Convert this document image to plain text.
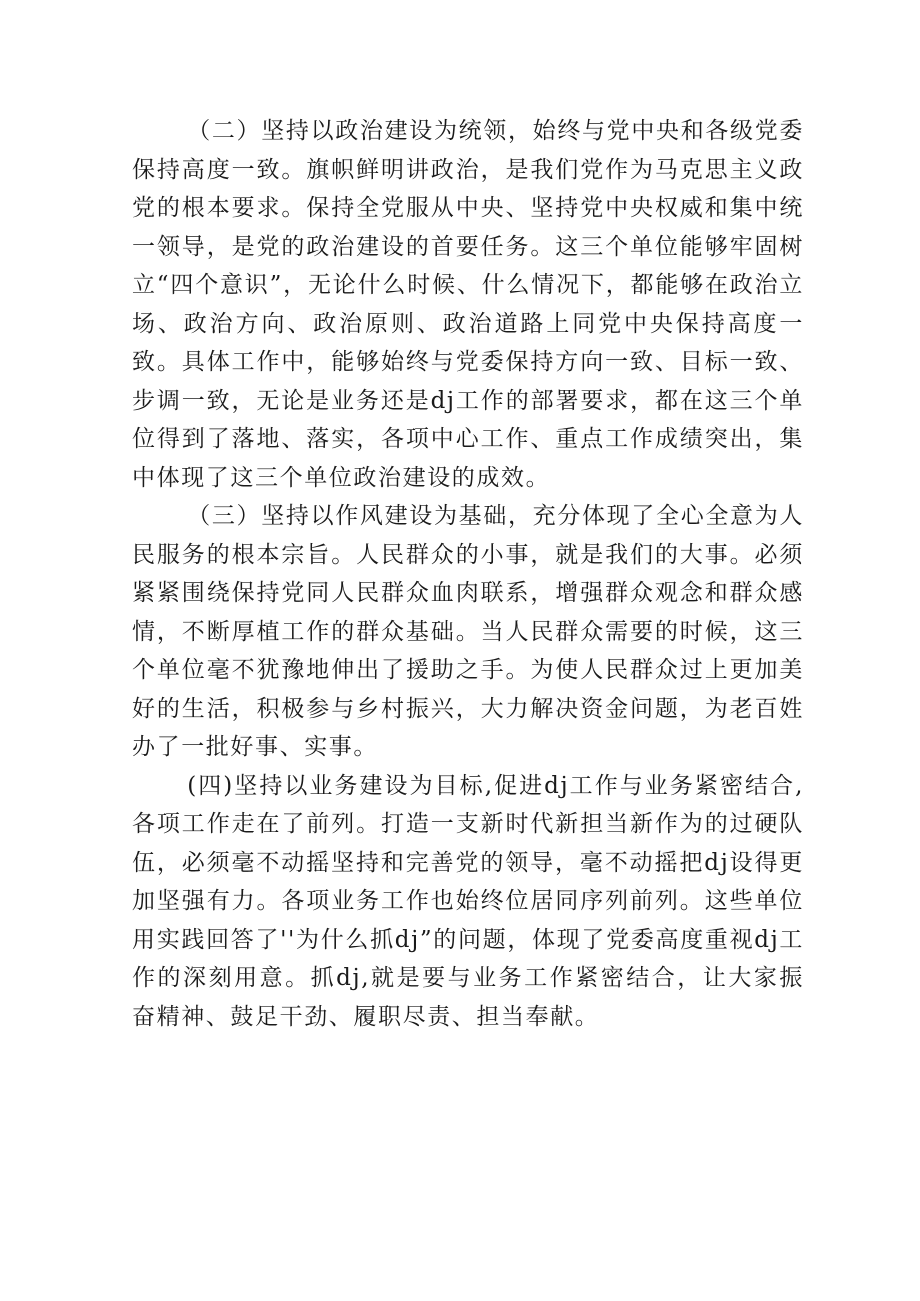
（二）坚持以政治建设为统领，始终与党中央和各级党委保持高度一致。旗帜鲜明讲政治，是我们党作为马克思主义政党的根本要求。保持全党服从中央、坚持党中央权威和集中统一领导，是党的政治建设的首要任务。这三个单位能够牢固树立“四个意识”，无论什么时候、什么情况下，都能够在政治立场、政治方向、政治原则、政治道路上同党中央保持高度一致。具体工作中，能够始终与党委保持方向一致、目标一致、步调一致，无论是业务还是dj工作的部署要求，都在这三个单位得到了落地、落实，各项中心工作、重点工作成绩突出，集中体现了这三个单位政治建设的成效。

（三）坚持以作风建设为基础，充分体现了全心全意为人民服务的根本宗旨。人民群众的小事，就是我们的大事。必须紧紧围绕保持党同人民群众血肉联系，增强群众观念和群众感情，不断厚植工作的群众基础。当人民群众需要的时候，这三个单位毫不犹豫地伸出了援助之手。为使人民群众过上更加美好的生活，积极参与乡村振兴，大力解决资金问题，为老百姓办了一批好事、实事。

(四)坚持以业务建设为目标,促进dj工作与业务紧密结合,各项工作走在了前列。打造一支新时代新担当新作为的过硬队伍，必须毫不动摇坚持和完善党的领导，毫不动摇把dj设得更加坚强有力。各项业务工作也始终位居同序列前列。这些单位用实践回答了''为什么抓dj”的问题，体现了党委高度重视dj工作的深刻用意。抓dj,就是要与业务工作紧密结合，让大家振奋精神、鼓足干劲、履职尽责、担当奉献。
